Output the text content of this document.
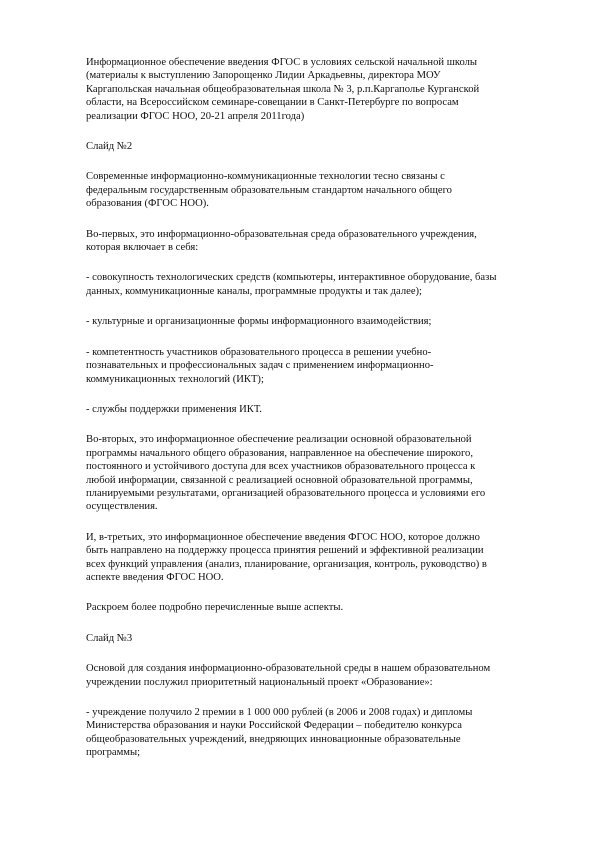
Информационное обеспечение введения ФГОС в условиях сельской начальной школы
(материалы к выступлению Запорощенко Лидии Аркадьевны, директора МОУ
Каргапольская начальная общеобразовательная школа № 3, р.п.Каргаполье Курганской
области, на Всероссийском семинаре-совещании в Санкт-Петербурге по вопросам
реализации ФГОС НОО, 20-21 апреля 2011года)

Слайд №2

Современные информационно-коммуникационные технологии тесно связаны с
федеральным государственным образовательным стандартом начального общего
образования (ФГОС НОО).

Во-первых, это информационно-образовательная среда образовательного учреждения,
которая включает в себя:

- совокупность технологических средств (компьютеры, интерактивное оборудование, базы
данных, коммуникационные каналы, программные продукты и так далее);

- культурные и организационные формы информационного взаимодействия;

- компетентность участников образовательного процесса в решении учебно-
познавательных и профессиональных задач с применением информационно-
коммуникационных технологий (ИКТ);

- службы поддержки применения ИКТ.

Во-вторых, это информационное обеспечение реализации основной образовательной
программы начального общего образования, направленное на обеспечение широкого,
постоянного и устойчивого доступа для всех участников образовательного процесса к
любой информации, связанной с реализацией основной образовательной программы,
планируемыми результатами, организацией образовательного процесса и условиями его
осуществления.

И, в-третьих, это информационное обеспечение введения ФГОС НОО, которое должно
быть направлено на поддержку процесса принятия решений и эффективной реализации
всех функций управления (анализ, планирование, организация, контроль, руководство) в
аспекте введения ФГОС НОО.

Раскроем более подробно перечисленные выше аспекты.

Слайд №3

Основой для создания информационно-образовательной среды в нашем образовательном
учреждении послужил приоритетный национальный проект «Образование»:

- учреждение получило 2 премии в 1 000 000 рублей (в 2006 и 2008 годах) и дипломы
Министерства образования и науки Российской Федерации – победителю конкурса
общеобразовательных учреждений, внедряющих инновационные образовательные
программы;
